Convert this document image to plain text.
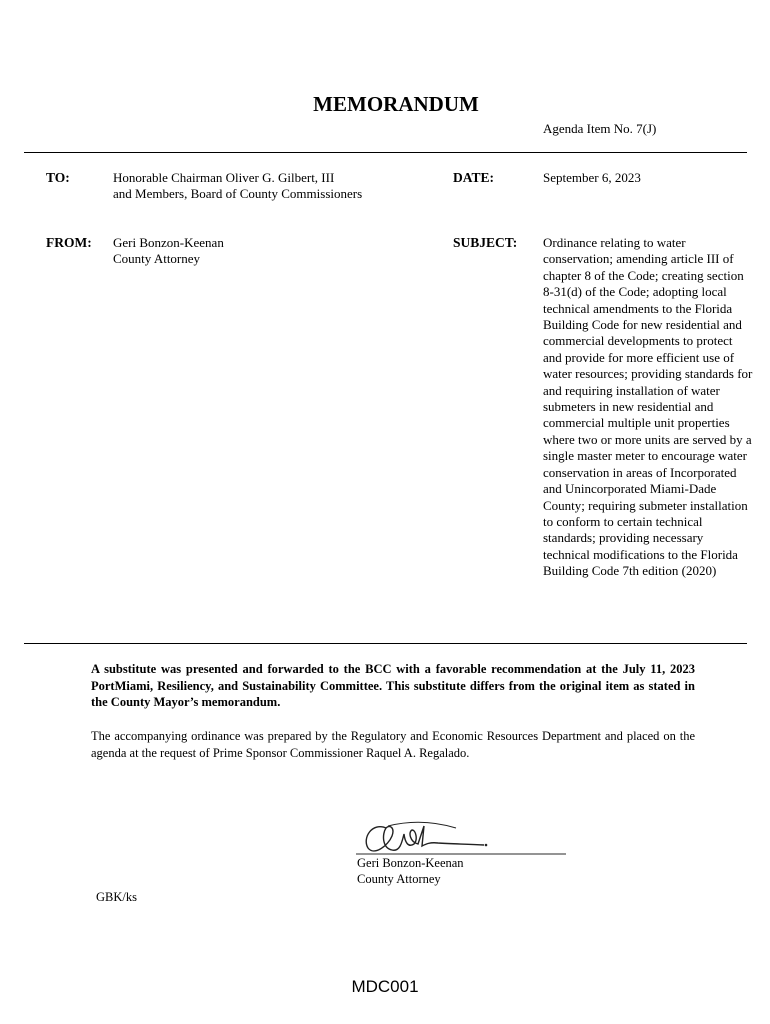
MEMORANDUM
Agenda Item No. 7(J)
TO:	Honorable Chairman Oliver G. Gilbert, III
and Members, Board of County Commissioners
DATE:	September 6, 2023
FROM: Geri Bonzon-Keenan
County Attorney
SUBJECT: Ordinance relating to water conservation; amending article III of chapter 8 of the Code; creating section 8-31(d) of the Code; adopting local technical amendments to the Florida Building Code for new residential and commercial developments to protect and provide for more efficient use of water resources; providing standards for and requiring installation of water submeters in new residential and commercial multiple unit properties where two or more units are served by a single master meter to encourage water conservation in areas of Incorporated and Unincorporated Miami-Dade County; requiring submeter installation to conform to certain technical standards; providing necessary technical modifications to the Florida Building Code 7th edition (2020)
A substitute was presented and forwarded to the BCC with a favorable recommendation at the July 11, 2023 PortMiami, Resiliency, and Sustainability Committee. This substitute differs from the original item as stated in the County Mayor’s memorandum.
The accompanying ordinance was prepared by the Regulatory and Economic Resources Department and placed on the agenda at the request of Prime Sponsor Commissioner Raquel A. Regalado.
Geri Bonzon-Keenan
County Attorney
GBK/ks
MDC001
